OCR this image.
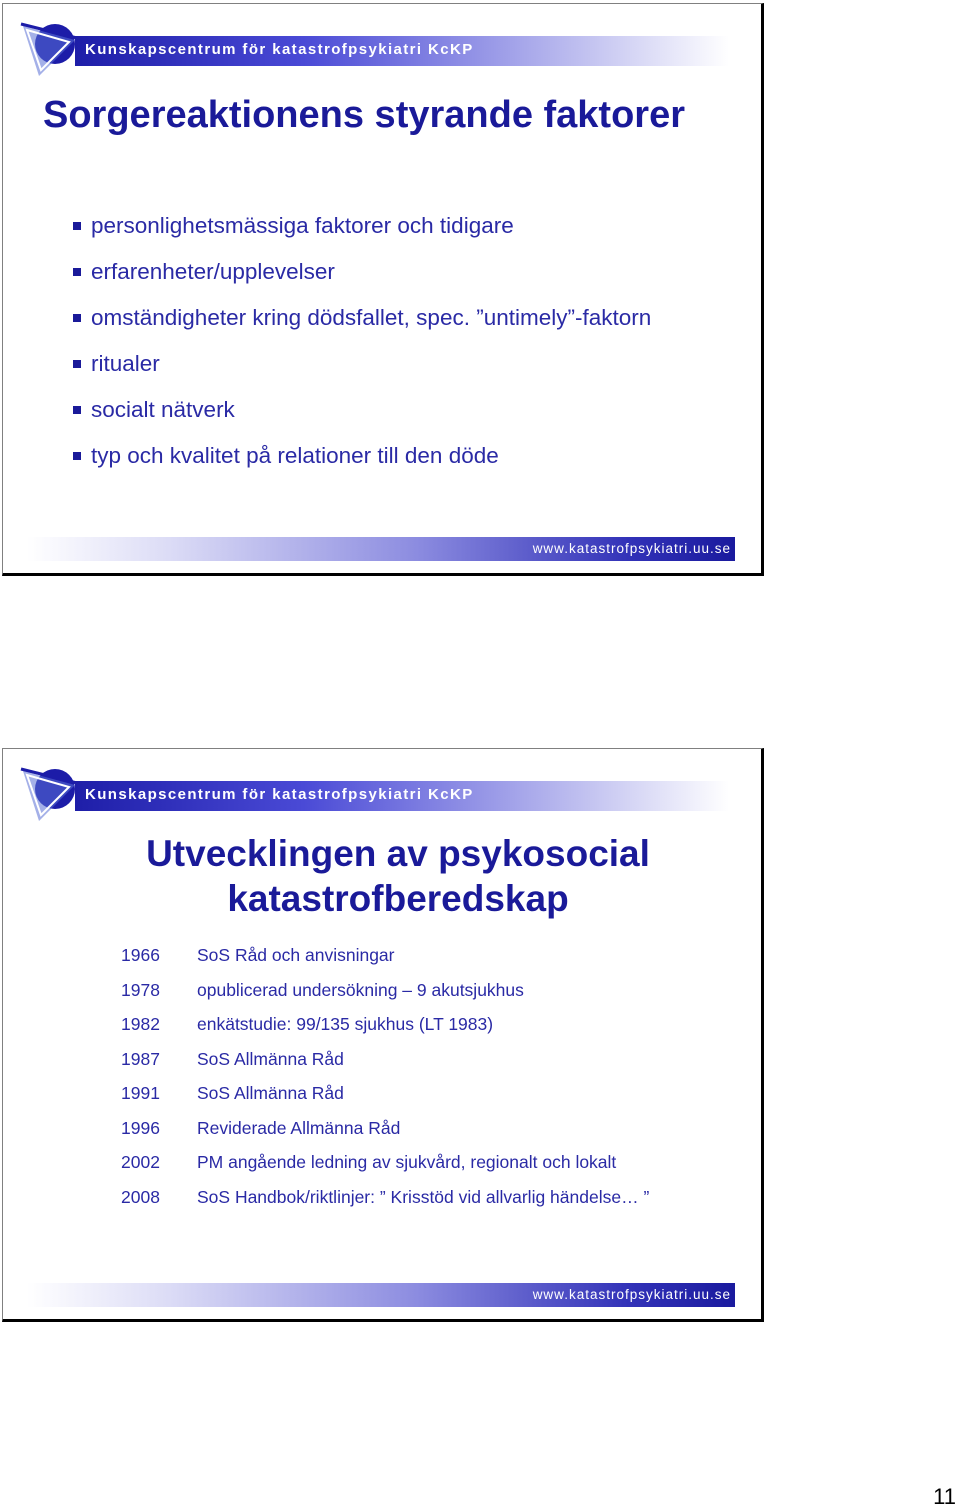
Kunskapscentrum för katastrofpsykiatri KcKP
Sorgereaktionens styrande faktorer
personlighetsmässiga faktorer och tidigare
erfarenheter/upplevelser
omständigheter kring dödsfallet, spec. ”untimely”-faktorn
ritualer
socialt nätverk
typ och kvalitet på relationer till den döde
www.katastrofpsykiatri.uu.se
Kunskapscentrum för katastrofpsykiatri KcKP
Utvecklingen av psykosocial
katastrofberedskap
1966 SoS Råd och anvisningar
1978 opublicerad undersökning – 9 akutsjukhus
1982 enkätstudie: 99/135 sjukhus (LT 1983)
1987 SoS Allmänna Råd
1991 SoS Allmänna Råd
1996 Reviderade Allmänna Råd
2002 PM angående ledning av sjukvård, regionalt och lokalt
2008 SoS Handbok/riktlinjer: ” Krisstöd vid allvarlig händelse… ”
www.katastrofpsykiatri.uu.se
11
